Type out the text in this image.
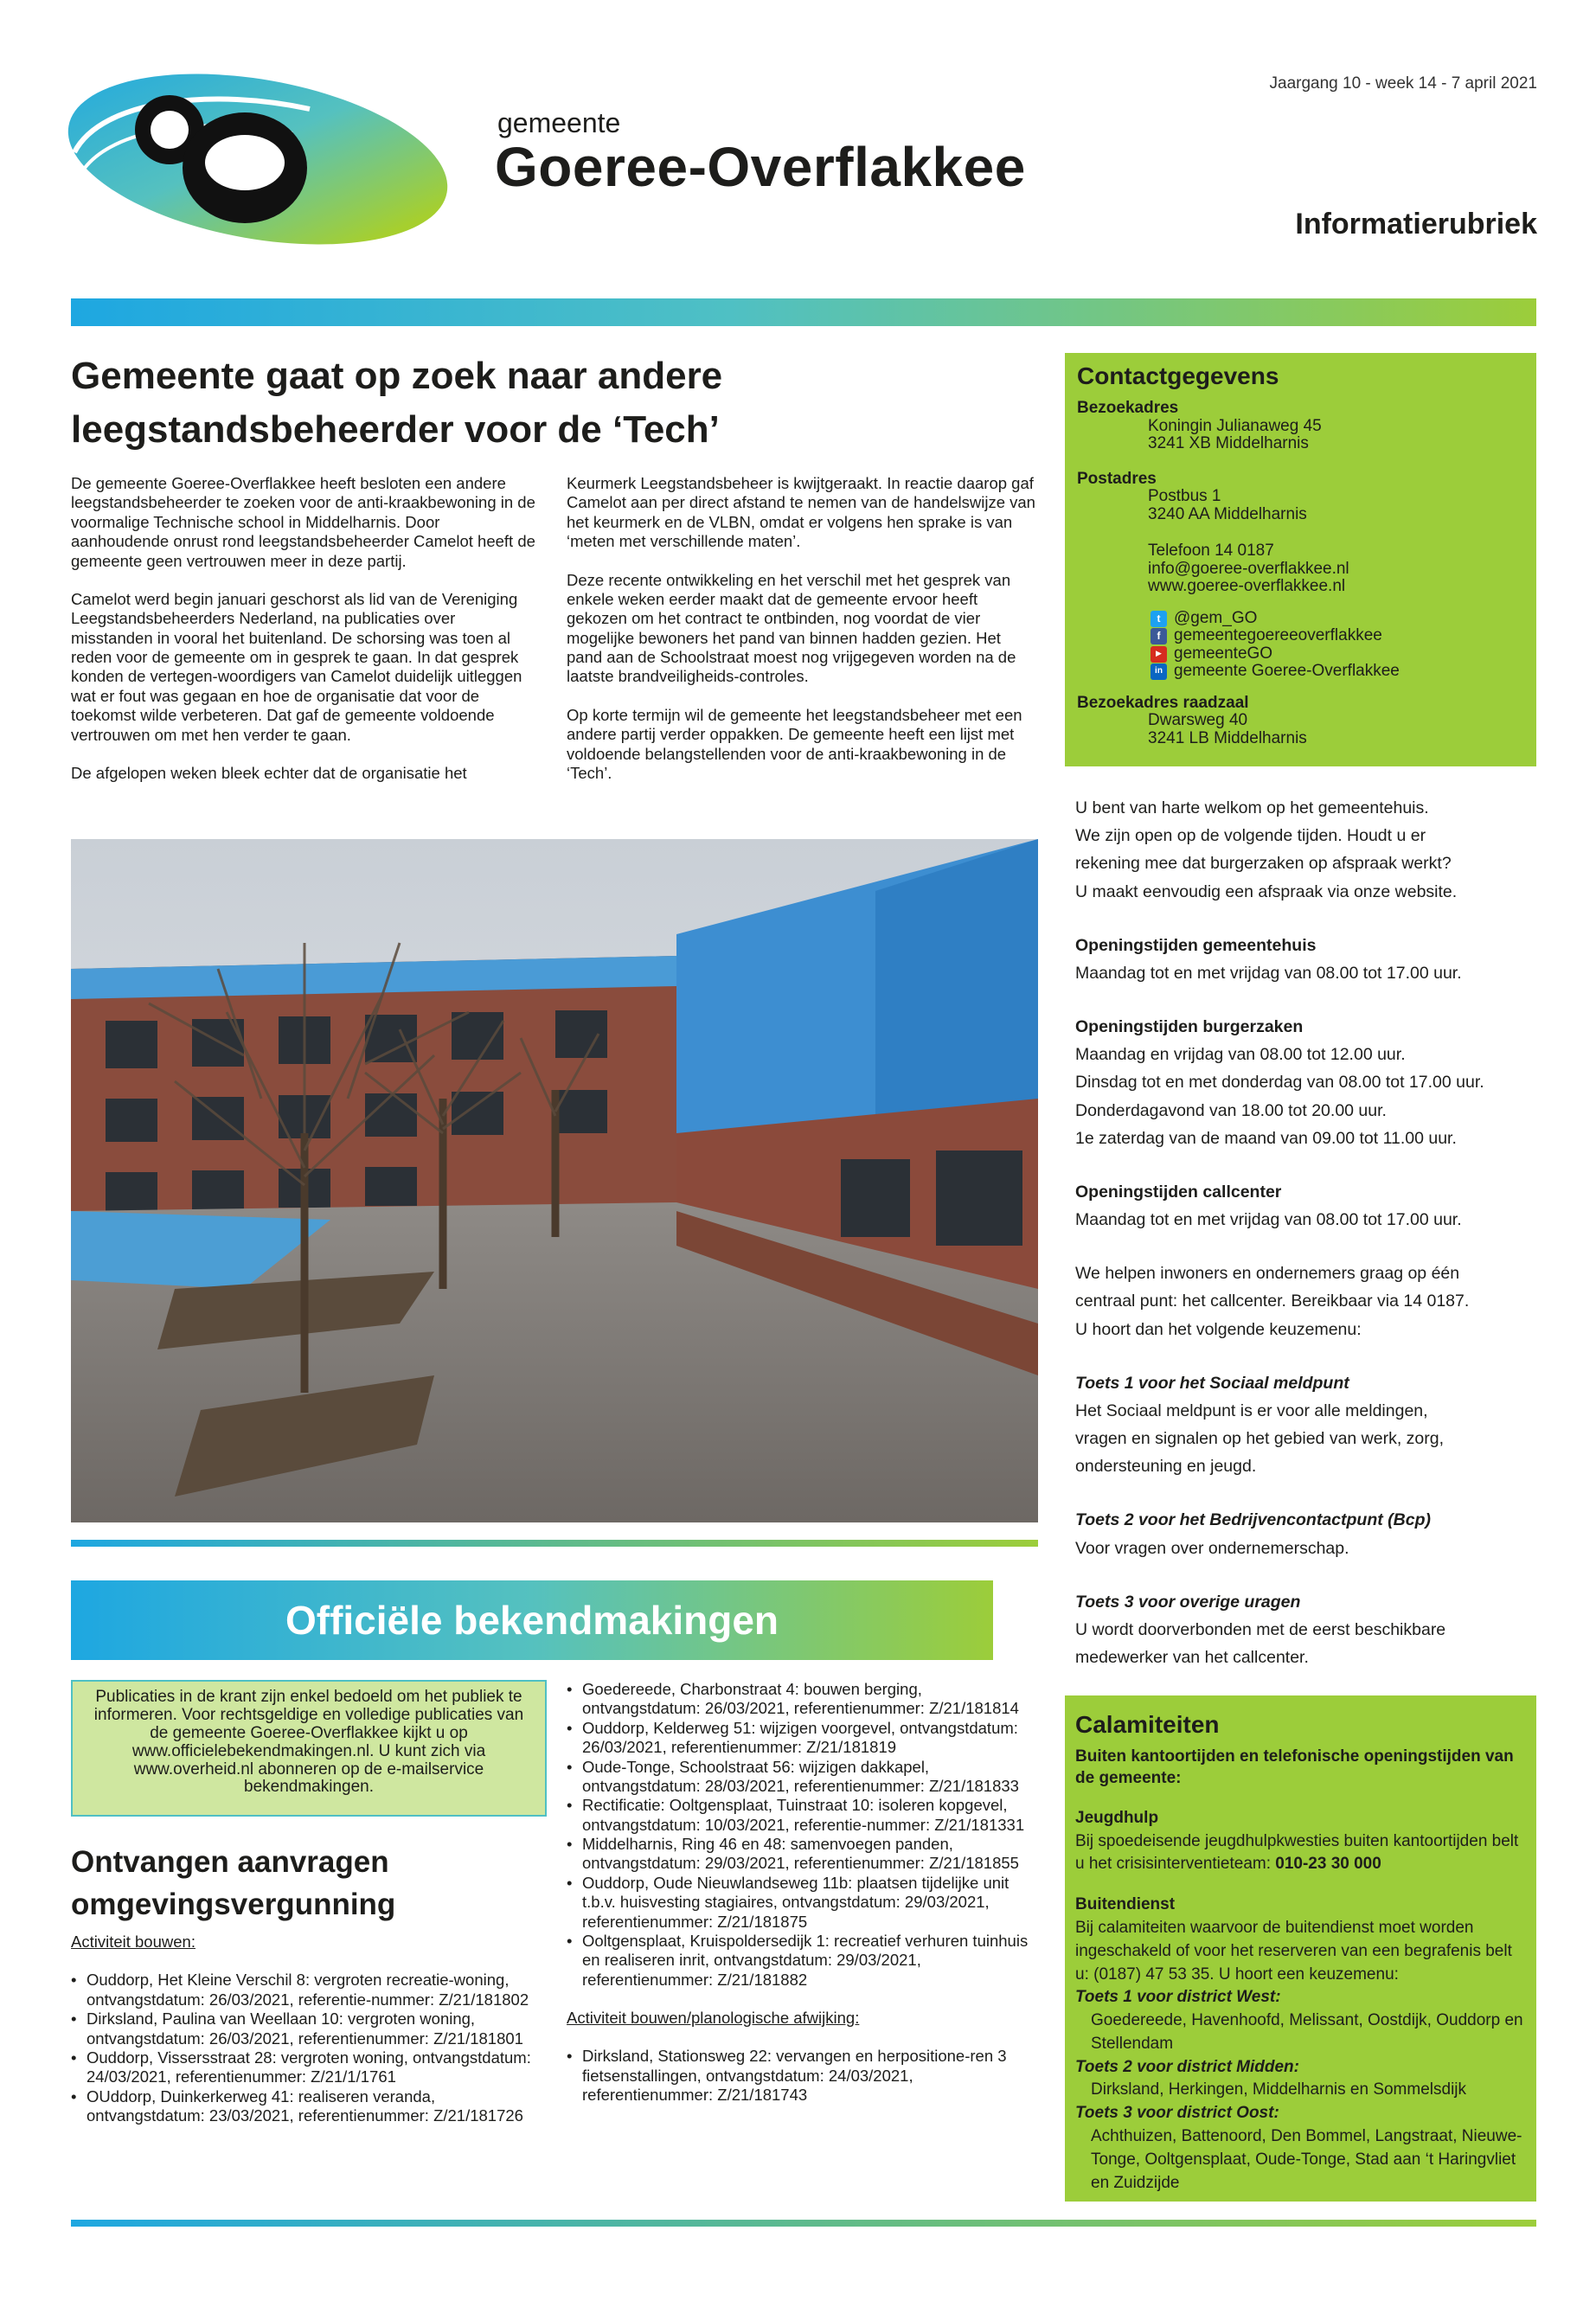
Jaargang 10 - week 14 - 7 april 2021
gemeente
Goeree-Overflakkee
Informatierubriek
Gemeente gaat op zoek naar andere leegstandsbeheerder voor de ‘Tech’

De gemeente Goeree-Overflakkee heeft besloten een andere leegstandsbeheerder te zoeken voor de anti-kraakbewoning in de voormalige Technische school in Middelharnis. Door aanhoudende onrust rond leegstandsbeheerder Camelot heeft de gemeente geen vertrouwen meer in deze partij.

Camelot werd begin januari geschorst als lid van de Vereniging Leegstandsbeheerders Nederland, na publicaties over misstanden in vooral het buitenland. De schorsing was toen al reden voor de gemeente om in gesprek te gaan. In dat gesprek konden de vertegen-woordigers van Camelot duidelijk uitleggen wat er fout was gegaan en hoe de organisatie dat voor de toekomst wilde verbeteren. Dat gaf de gemeente voldoende vertrouwen om met hen verder te gaan.

De afgelopen weken bleek echter dat de organisatie het

Keurmerk Leegstandsbeheer is kwijtgeraakt. In reactie daarop gaf Camelot aan per direct afstand te nemen van de handelswijze van het keurmerk en de VLBN, omdat er volgens hen sprake is van ‘meten met verschillende maten’.

Deze recente ontwikkeling en het verschil met het gesprek van enkele weken eerder maakt dat de gemeente ervoor heeft gekozen om het contract te ontbinden, nog voordat de vier mogelijke bewoners het pand van binnen hadden gezien. Het pand aan de Schoolstraat moest nog vrijgegeven worden na de laatste brandveiligheids-controles.

Op korte termijn wil de gemeente het leegstandsbeheer met een andere partij verder oppakken. De gemeente heeft een lijst met voldoende belangstellenden voor de anti-kraakbewoning in de ‘Tech’.

Contactgegevens
Bezoekadres
Koningin Julianaweg 45
3241 XB Middelharnis
Postadres
Postbus 1
3240 AA Middelharnis
Telefoon 14 0187
info@goeree-overflakkee.nl
www.goeree-overflakkee.nl
t @gem_GO
f gemeentegoereeoverflakkee
▶ gemeenteGO
in gemeente Goeree-Overflakkee
Bezoekadres raadzaal
Dwarsweg 40
3241 LB Middelharnis
U bent van harte welkom op het gemeentehuis.
We zijn open op de volgende tijden. Houdt u er
rekening mee dat burgerzaken op afspraak werkt?
U maakt eenvoudig een afspraak via onze website.
Openingstijden gemeentehuis
Maandag tot en met vrijdag van 08.00 tot 17.00 uur.
Openingstijden burgerzaken
Maandag en vrijdag van 08.00 tot 12.00 uur.
Dinsdag tot en met donderdag van 08.00 tot 17.00 uur.
Donderdagavond van 18.00 tot 20.00 uur.
1e zaterdag van de maand van 09.00 tot 11.00 uur.
Openingstijden callcenter
Maandag tot en met vrijdag van 08.00 tot 17.00 uur.
We helpen inwoners en ondernemers graag op één
centraal punt: het callcenter. Bereikbaar via 14 0187.
U hoort dan het volgende keuzemenu:
Toets 1 voor het Sociaal meldpunt
Het Sociaal meldpunt is er voor alle meldingen,
vragen en signalen op het gebied van werk, zorg,
ondersteuning en jeugd.
Toets 2 voor het Bedrijvencontactpunt (Bcp)
Voor vragen over ondernemerschap.
Toets 3 voor overige uragen
U wordt doorverbonden met de eerst beschikbare
medewerker van het callcenter.
Officiële bekendmakingen
Publicaties in de krant zijn enkel bedoeld om het publiek te informeren. Voor rechtsgeldige en volledige publicaties van de gemeente Goeree-Overflakkee kijkt u op www.officielebekendmakingen.nl. U kunt zich via www.overheid.nl abonneren op de e-mailservice bekendmakingen.
Ontvangen aanvragen omgevingsvergunning
Activiteit bouwen:
• Ouddorp, Het Kleine Verschil 8: vergroten recreatie-woning, ontvangstdatum: 26/03/2021, referentie-nummer: Z/21/181802
• Dirksland, Paulina van Weellaan 10: vergroten woning, ontvangstdatum: 26/03/2021, referentienummer: Z/21/181801
• Ouddorp, Vissersstraat 28: vergroten woning, ontvangstdatum: 24/03/2021, referentienummer: Z/21/1/1761
• OUddorp, Duinkerkerweg 41: realiseren veranda, ontvangstdatum: 23/03/2021, referentienummer: Z/21/181726
• Goedereede, Charbonstraat 4: bouwen berging, ontvangstdatum: 26/03/2021, referentienummer: Z/21/181814
• Ouddorp, Kelderweg 51: wijzigen voorgevel, ontvangstdatum: 26/03/2021, referentienummer: Z/21/181819
• Oude-Tonge, Schoolstraat 56: wijzigen dakkapel, ontvangstdatum: 28/03/2021, referentienummer: Z/21/181833
• Rectificatie: Ooltgensplaat, Tuinstraat 10: isoleren kopgevel, ontvangstdatum: 10/03/2021, referentie-nummer: Z/21/181331
• Middelharnis, Ring 46 en 48: samenvoegen panden, ontvangstdatum: 29/03/2021, referentienummer: Z/21/181855
• Ouddorp, Oude Nieuwlandseweg 11b: plaatsen tijdelijke unit t.b.v. huisvesting stagiaires, ontvangstdatum: 29/03/2021, referentienummer: Z/21/181875
• Ooltgensplaat, Kruispoldersedijk 1: recreatief verhuren tuinhuis en realiseren inrit, ontvangstdatum: 29/03/2021, referentienummer: Z/21/181882
Activiteit bouwen/planologische afwijking:
• Dirksland, Stationsweg 22: vervangen en herpositione-ren 3 fietsenstallingen, ontvangstdatum: 24/03/2021, referentienummer: Z/21/181743
Calamiteiten
Buiten kantoortijden en telefonische openingstijden van de gemeente:
Jeugdhulp
Bij spoedeisende jeugdhulpkwesties buiten kantoortijden belt u het crisisinterventieteam: 010-23 30 000
Buitendienst
Bij calamiteiten waarvoor de buitendienst moet worden ingeschakeld of voor het reserveren van een begrafenis belt u: (0187) 47 53 35. U hoort een keuzemenu:
Toets 1 voor district West:
Goedereede, Havenhoofd, Melissant, Oostdijk, Ouddorp en Stellendam
Toets 2 voor district Midden:
Dirksland, Herkingen, Middelharnis en Sommelsdijk
Toets 3 voor district Oost:
Achthuizen, Battenoord, Den Bommel, Langstraat, Nieuwe-Tonge, Ooltgensplaat, Oude-Tonge, Stad aan ‘t Haringvliet en Zuidzijde
